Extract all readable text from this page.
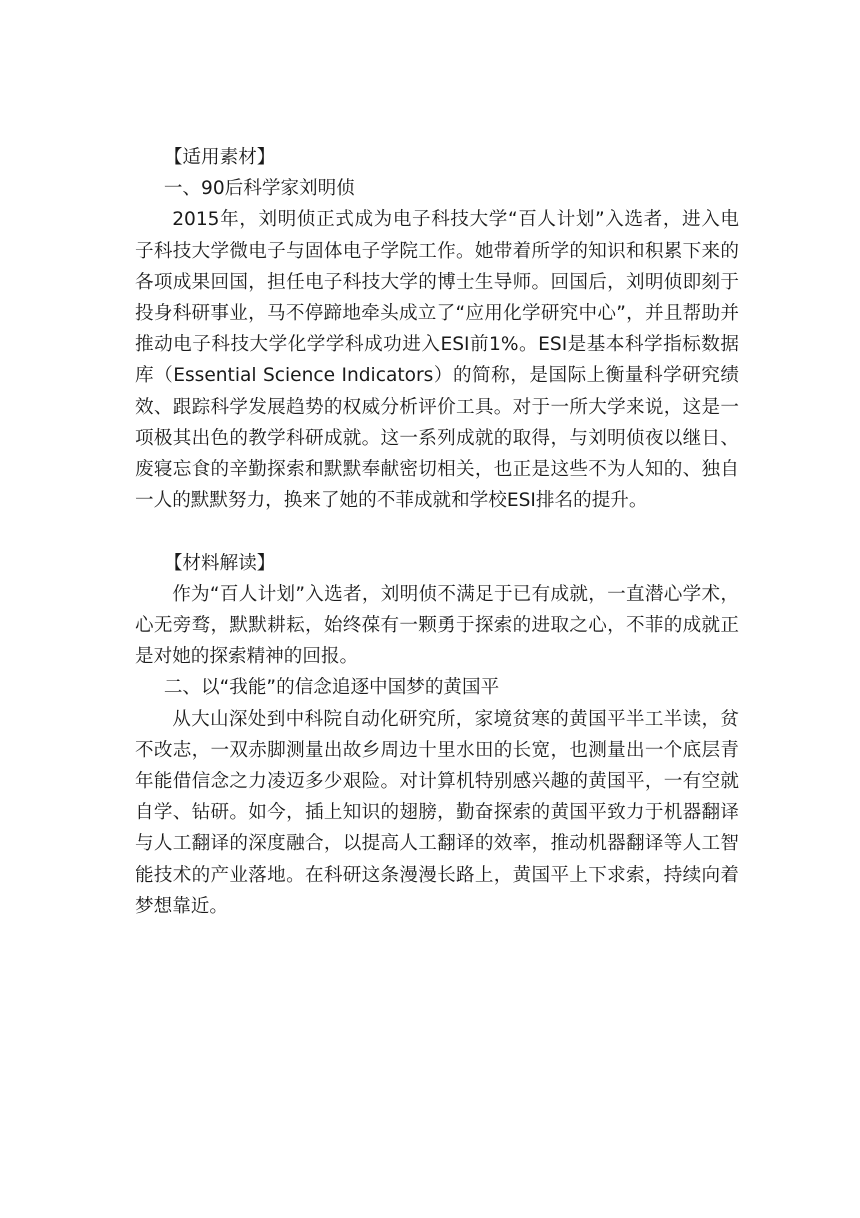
【适用素材】

一、90后科学家刘明侦

2015年，刘明侦正式成为电子科技大学“百人计划”入选者，进入电子科技大学微电子与固体电子学院工作。她带着所学的知识和积累下来的各项成果回国，担任电子科技大学的博士生导师。回国后，刘明侦即刻于投身科研事业，马不停蹄地牵头成立了“应用化学研究中心”，并且帮助并推动电子科技大学化学学科成功进入ESI前1%。ESI是基本科学指标数据库（Essential Science Indicators）的简称，是国际上衡量科学研究绩效、跟踪科学发展趋势的权威分析评价工具。对于一所大学来说，这是一项极其出色的教学科研成就。这一系列成就的取得，与刘明侦夜以继日、废寝忘食的辛勤探索和默默奉献密切相关，也正是这些不为人知的、独自一人的默默努力，换来了她的不菲成就和学校ESI排名的提升。

【材料解读】

作为“百人计划”入选者，刘明侦不满足于已有成就，一直潜心学术，心无旁骛，默默耕耘，始终葆有一颗勇于探索的进取之心，不菲的成就正是对她的探索精神的回报。

二、以“我能”的信念追逐中国梦的黄国平

从大山深处到中科院自动化研究所，家境贫寒的黄国平半工半读，贫不改志，一双赤脚测量出故乡周边十里水田的长宽，也测量出一个底层青年能借信念之力凌迈多少艰险。对计算机特别感兴趣的黄国平，一有空就自学、钻研。如今，插上知识的翅膀，勤奋探索的黄国平致力于机器翻译与人工翻译的深度融合，以提高人工翻译的效率，推动机器翻译等人工智能技术的产业落地。在科研这条漫漫长路上，黄国平上下求索，持续向着梦想靠近。
